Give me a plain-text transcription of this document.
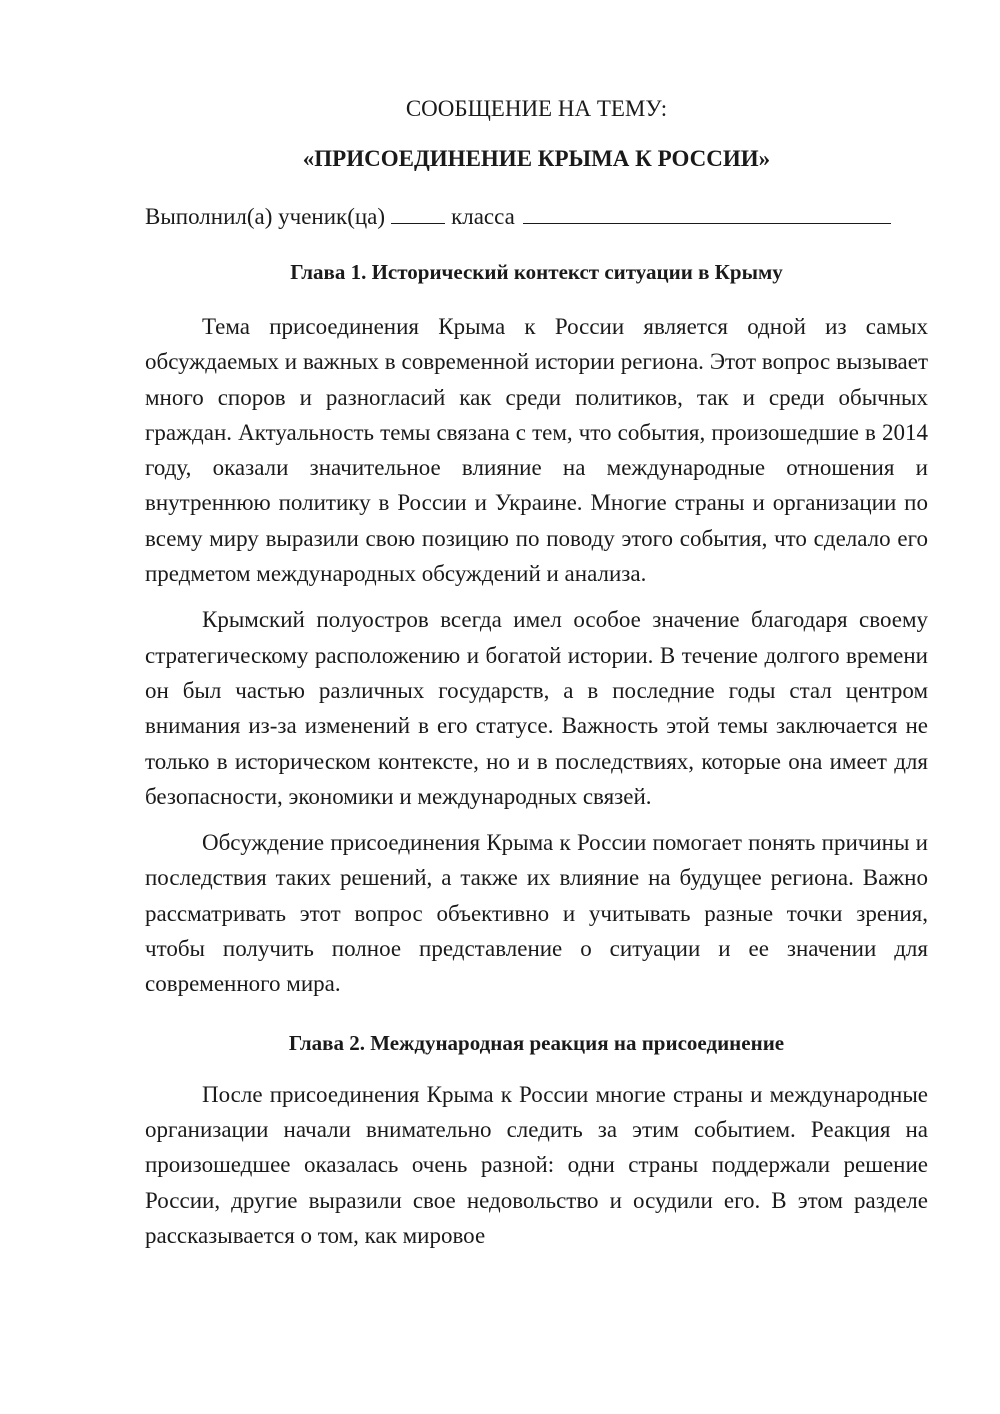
СООБЩЕНИЕ НА ТЕМУ:

«ПРИСОЕДИНЕНИЕ КРЫМА К РОССИИ»

Выполнил(а) ученик(ца)	класса

Глава 1. Исторический контекст ситуации в Крыму

Тема присоединения Крыма к России является одной из самых обсуждаемых и важных в современной истории региона. Этот вопрос вызывает много споров и разногласий как среди политиков, так и среди обычных граждан. Актуальность темы связана с тем, что события, произошедшие в 2014 году, оказали значительное влияние на международные отношения и внутреннюю политику в России и Украине. Многие страны и организации по всему миру выразили свою позицию по поводу этого события, что сделало его предметом международных обсуждений и анализа.

Крымский полуостров всегда имел особое значение благодаря своему стратегическому расположению и богатой истории. В течение долгого времени он был частью различных государств, а в последние годы стал центром внимания из-за изменений в его статусе. Важность этой темы заключается не только в историческом контексте, но и в последствиях, которые она имеет для безопасности, экономики и международных связей.

Обсуждение присоединения Крыма к России помогает понять причины и последствия таких решений, а также их влияние на будущее региона. Важно рассматривать этот вопрос объективно и учитывать разные точки зрения, чтобы получить полное представление о ситуации и ее значении для современного мира.

Глава 2. Международная реакция на присоединение

После присоединения Крыма к России многие страны и международные организации начали внимательно следить за этим событием. Реакция на произошедшее оказалась очень разной: одни страны поддержали решение России, другие выразили свое недовольство и осудили его. В этом разделе рассказывается о том, как мировое
